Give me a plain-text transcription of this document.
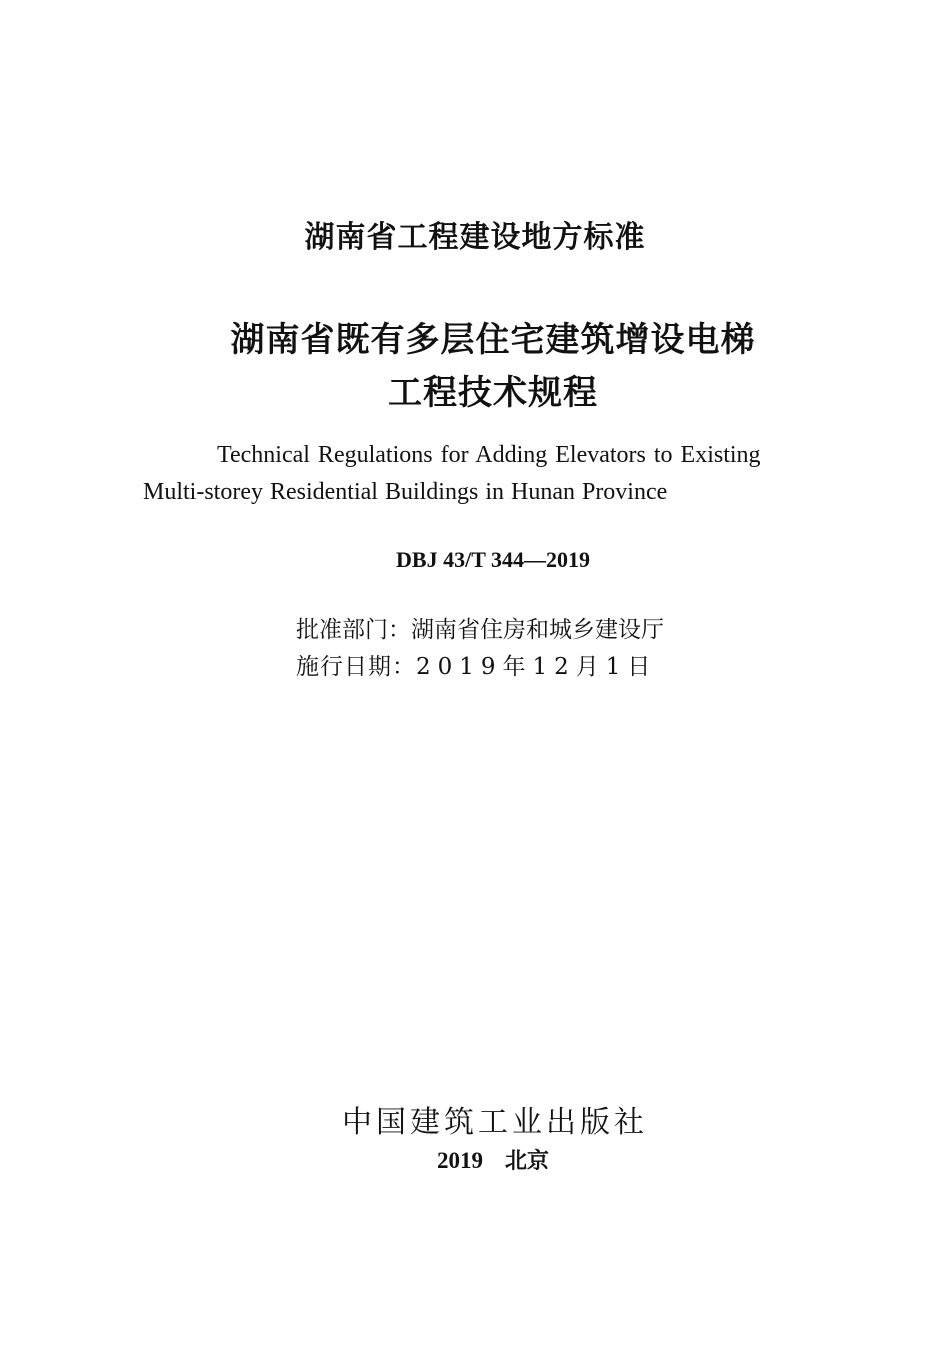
湖南省工程建设地方标准
湖南省既有多层住宅建筑增设电梯
工程技术规程

Technical Regulations for Adding Elevators to Existing

Multi-storey Residential Buildings in Hunan Province

DBJ 43/T 344—2019

批准部门：湖南省住房和城乡建设厅

施行日期：2019年12月1日

中国建筑工业出版社

2019 北京
